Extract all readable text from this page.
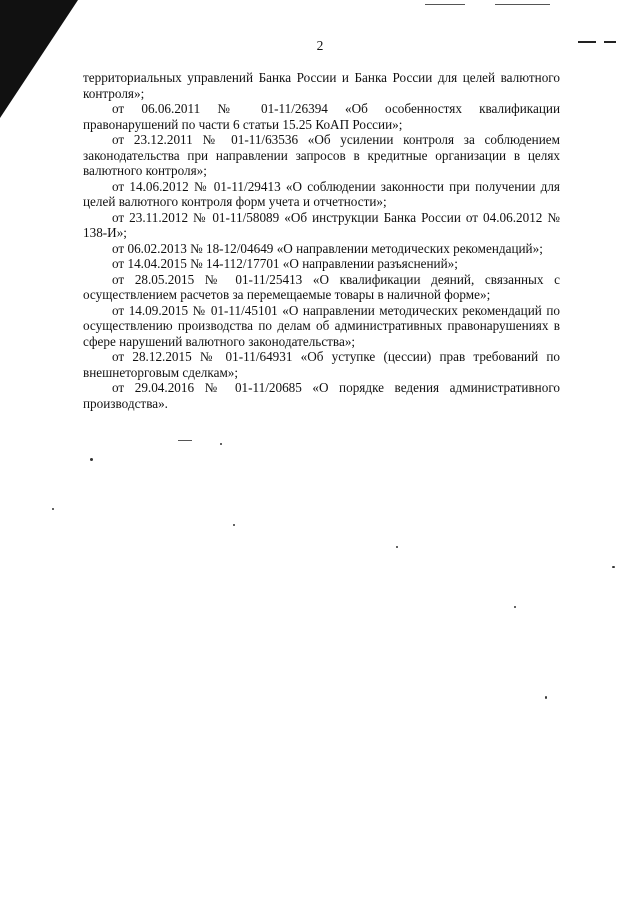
2

территориальных управлений Банка России и Банка России для целей валютного контроля»;

от 06.06.2011 № 01-11/26394 «Об особенностях квалификации правонарушений по части 6 статьи 15.25 КоАП России»;

от 23.12.2011 № 01-11/63536 «Об усилении контроля за соблюдением законодательства при направлении запросов в кредитные организации в целях валютного контроля»;

от 14.06.2012 № 01-11/29413 «О соблюдении законности при получении для целей валютного контроля форм учета и отчетности»;

от 23.11.2012 № 01-11/58089 «Об инструкции Банка России от 04.06.2012 № 138-И»;

от 06.02.2013 № 18-12/04649 «О направлении методических рекомендаций»;

от 14.04.2015 № 14-112/17701 «О направлении разъяснений»;

от 28.05.2015 № 01-11/25413 «О квалификации деяний, связанных с осуществлением расчетов за перемещаемые товары в наличной форме»;

от 14.09.2015 № 01-11/45101 «О направлении методических рекомендаций по осуществлению производства по делам об административных правонарушениях в сфере нарушений валютного законодательства»;

от 28.12.2015 № 01-11/64931 «Об уступке (цессии) прав требований по внешнеторговым сделкам»;

от 29.04.2016 № 01-11/20685 «О порядке ведения административного производства».
